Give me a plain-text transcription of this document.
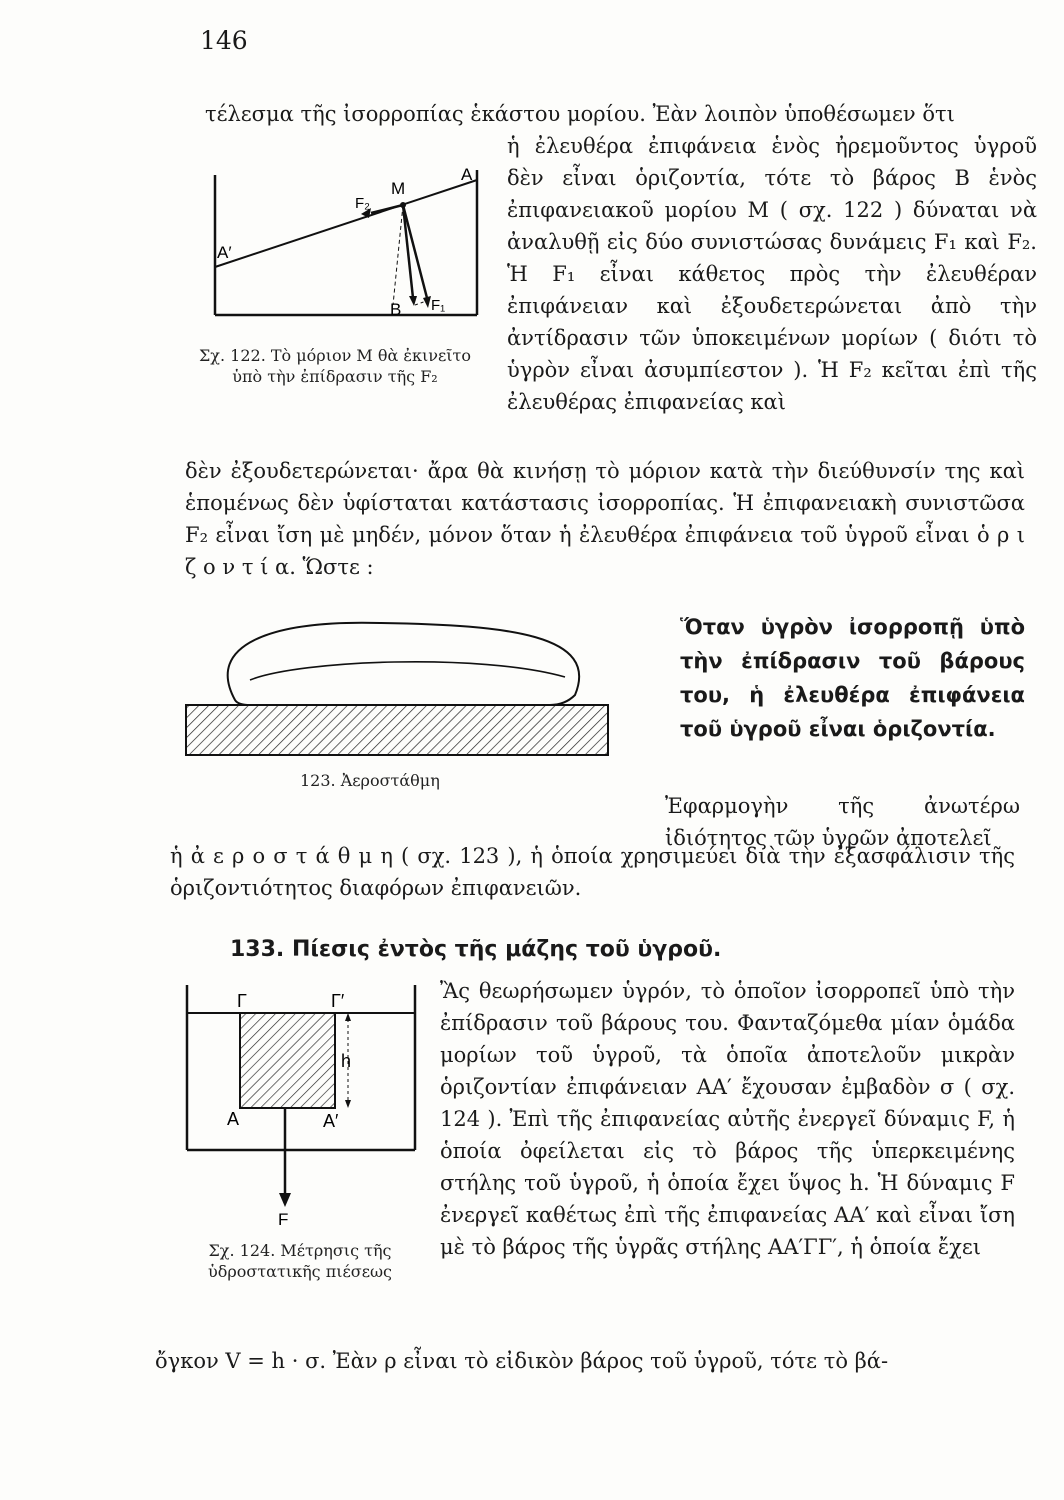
146

τέλεσμα τῆς ἰσορροπίας ἑκάστου μορίου. Ἐὰν λοιπὸν ὑποθέσωμεν ὅτι

M
A
A′
F₂
B F₁

Σχ. 122. Τὸ μόριον Μ θὰ ἐκινεῖτο ὑπὸ τὴν ἐπίδρασιν τῆς F₂

ἡ ἐλευθέρα ἐπιφάνεια ἑνὸς ἠρεμοῦντος ὑγροῦ δὲν εἶναι ὁριζοντία, τότε τὸ βάρος Β ἑνὸς ἐπιφανειακοῦ μορίου Μ ( σχ. 122 ) δύναται νὰ ἀναλυθῇ εἰς δύο συνιστώσας δυνάμεις F₁ καὶ F₂. Ἡ F₁ εἶναι κάθετος πρὸς τὴν ἐλευθέραν ἐπιφάνειαν καὶ ἐξουδετερώνεται ἀπὸ τὴν ἀντίδρασιν τῶν ὑποκειμένων μορίων ( διότι τὸ ὑγρὸν εἶναι ἀσυμπίεστον ). Ἡ F₂ κεῖται ἐπὶ τῆς ἐλευθέρας ἐπιφανείας καὶ

δὲν ἐξουδετερώνεται· ἄρα θὰ κινήσῃ τὸ μόριον κατὰ τὴν διεύθυνσίν της καὶ ἑπομένως δὲν ὑφίσταται κατάστασις ἰσορροπίας. Ἡ ἐπιφανειακὴ συνιστῶσα F₂ εἶναι ἴση μὲ μηδέν, μόνον ὅταν ἡ ἐλευθέρα ἐπιφάνεια τοῦ ὑγροῦ εἶναι ὁ ρ ι ζ ο ν τ ί α. Ὥστε :

123. Ἀεροστάθμη

Ὅταν ὑγρὸν ἰσορροπῇ ὑπὸ τὴν ἐπίδρασιν τοῦ βάρους του, ἡ ἐλευθέρα ἐπιφάνεια τοῦ ὑγροῦ εἶναι ὁριζοντία.

Ἐφαρμογὴν τῆς ἀνωτέρω ἰδιότητος τῶν ὑγρῶν ἀποτελεῖ

ἡ ἀ ε ρ ο σ τ ά θ μ η ( σχ. 123 ), ἡ ὁποία χρησιμεύει διὰ τὴν ἐξασφάλισιν τῆς ὁριζοντιότητος διαφόρων ἐπιφανειῶν.

133. Πίεσις ἐντὸς τῆς μάζης τοῦ ὑγροῦ.
Γ	Γ′
h
A	A′
F

Σχ. 124. Μέτρησις τῆς ὑδροστατικῆς πιέσεως

Ἂς θεωρήσωμεν ὑγρόν, τὸ ὁποῖον ἰσορροπεῖ ὑπὸ τὴν ἐπίδρασιν τοῦ βάρους του. Φανταζόμεθα μίαν ὁμάδα μορίων τοῦ ὑγροῦ, τὰ ὁποῖα ἀποτελοῦν μικρὰν ὁριζοντίαν ἐπιφάνειαν ΑΑ′ ἔχουσαν ἐμβαδὸν σ ( σχ. 124 ). Ἐπὶ τῆς ἐπιφανείας αὐτῆς ἐνεργεῖ δύναμις F, ἡ ὁποία ὀφείλεται εἰς τὸ βάρος τῆς ὑπερκειμένης στήλης τοῦ ὑγροῦ, ἡ ὁποία ἔχει ὕψος h. Ἡ δύναμις F ἐνεργεῖ καθέτως ἐπὶ τῆς ἐπιφανείας ΑΑ′ καὶ εἶναι ἴση μὲ τὸ βάρος τῆς ὑγρᾶς στήλης ΑΑ′ΓΓ′, ἡ ὁποία ἔχει

ὄγκον V = h · σ. Ἐὰν ρ εἶναι τὸ εἰδικὸν βάρος τοῦ ὑγροῦ, τότε τὸ βά-
